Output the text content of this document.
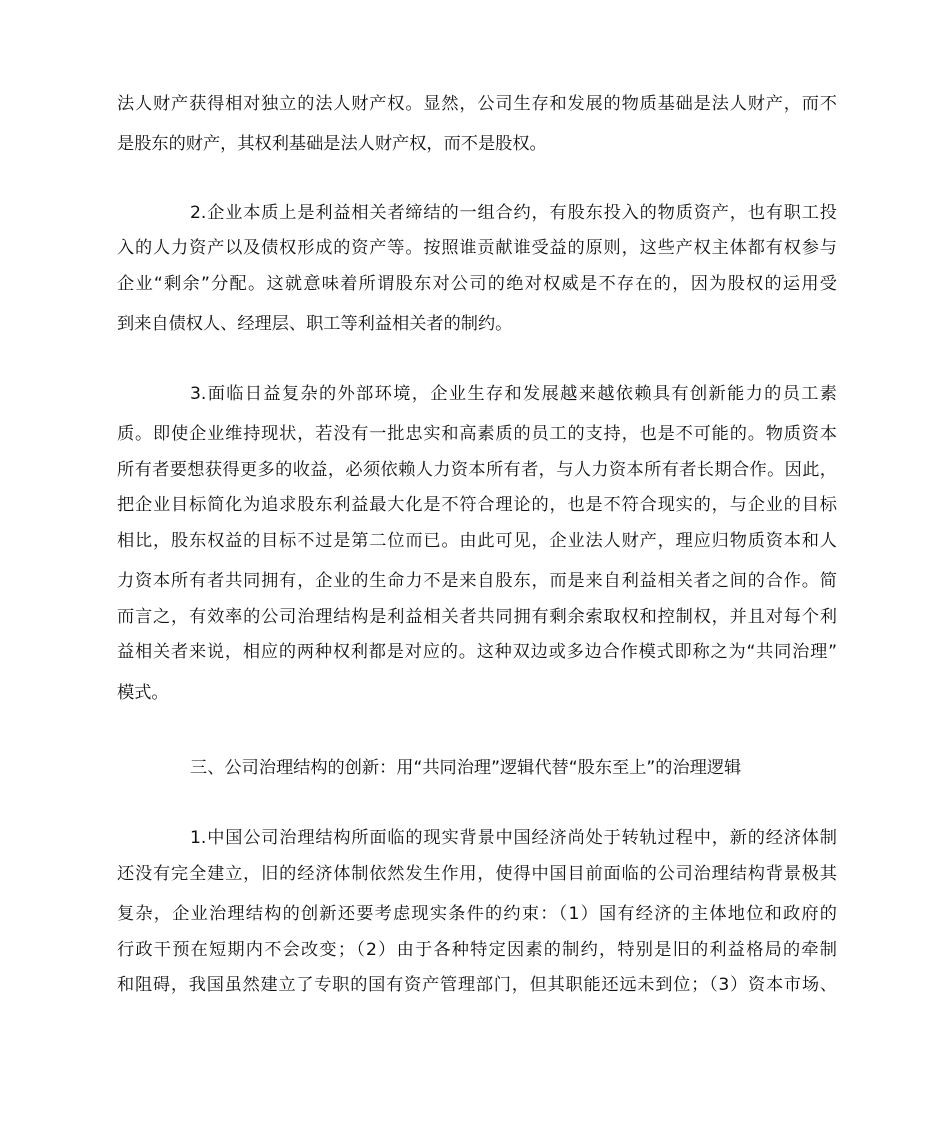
法人财产获得相对独立的法人财产权。显然，公司生存和发展的物质基础是法人财产，而不
是股东的财产，其权利基础是法人财产权，而不是股权。
2.企业本质上是利益相关者缔结的一组合约，有股东投入的物质资产，也有职工投
入的人力资产以及债权形成的资产等。按照谁贡献谁受益的原则，这些产权主体都有权参与
企业“剩余”分配。这就意味着所谓股东对公司的绝对权威是不存在的，因为股权的运用受
到来自债权人、经理层、职工等利益相关者的制约。
3.面临日益复杂的外部环境，企业生存和发展越来越依赖具有创新能力的员工素
质。即使企业维持现状，若没有一批忠实和高素质的员工的支持，也是不可能的。物质资本
所有者要想获得更多的收益，必须依赖人力资本所有者，与人力资本所有者长期合作。因此，
把企业目标简化为追求股东利益最大化是不符合理论的，也是不符合现实的，与企业的目标
相比，股东权益的目标不过是第二位而已。由此可见，企业法人财产，理应归物质资本和人
力资本所有者共同拥有，企业的生命力不是来自股东，而是来自利益相关者之间的合作。简
而言之，有效率的公司治理结构是利益相关者共同拥有剩余索取权和控制权，并且对每个利
益相关者来说，相应的两种权利都是对应的。这种双边或多边合作模式即称之为“共同治理”
模式。
三、公司治理结构的创新：用“共同治理”逻辑代替“股东至上”的治理逻辑
1.中国公司治理结构所面临的现实背景中国经济尚处于转轨过程中，新的经济体制
还没有完全建立，旧的经济体制依然发生作用，使得中国目前面临的公司治理结构背景极其
复杂，企业治理结构的创新还要考虑现实条件的约束：（1）国有经济的主体地位和政府的
行政干预在短期内不会改变；（2）由于各种特定因素的制约，特别是旧的利益格局的牵制
和阻碍，我国虽然建立了专职的国有资产管理部门，但其职能还远未到位；（3）资本市场、
